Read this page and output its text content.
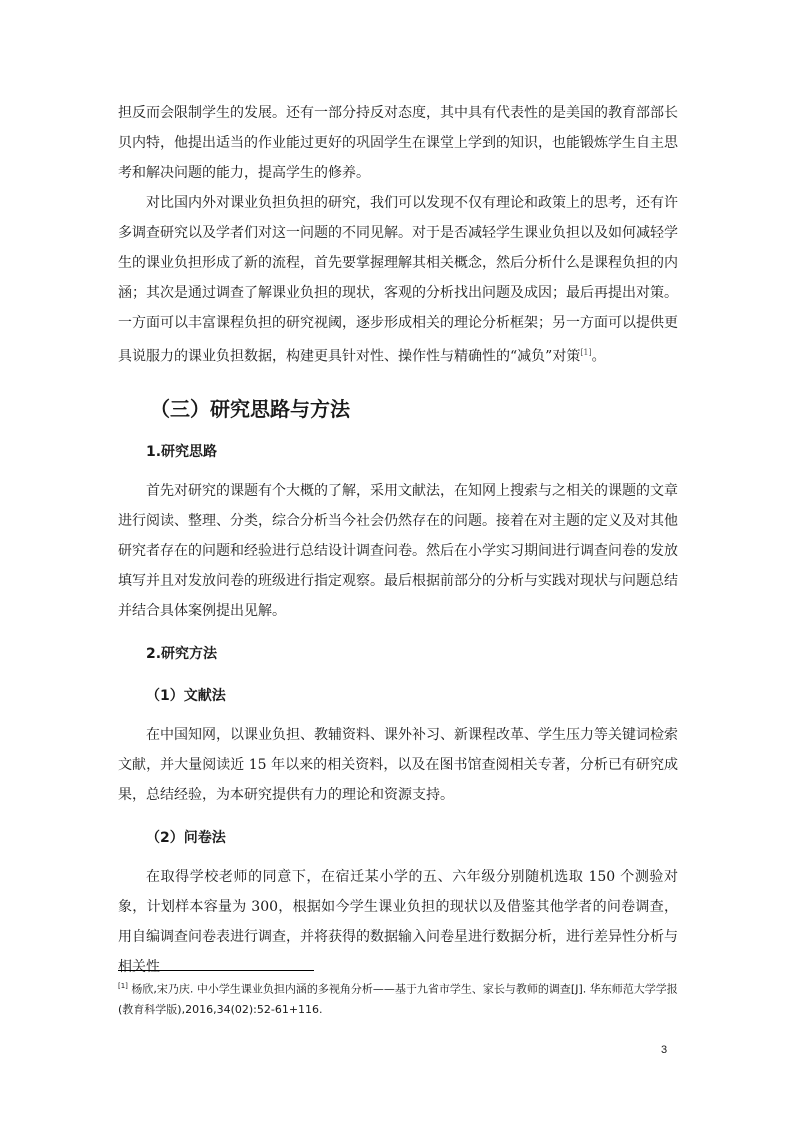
担反而会限制学生的发展。还有一部分持反对态度，其中具有代表性的是美国的教育部部长贝内特，他提出适当的作业能过更好的巩固学生在课堂上学到的知识，也能锻炼学生自主思考和解决问题的能力，提高学生的修养。

对比国内外对课业负担负担的研究，我们可以发现不仅有理论和政策上的思考，还有许多调查研究以及学者们对这一问题的不同见解。对于是否减轻学生课业负担以及如何减轻学生的课业负担形成了新的流程，首先要掌握理解其相关概念，然后分析什么是课程负担的内涵；其次是通过调查了解课业负担的现状，客观的分析找出问题及成因；最后再提出对策。一方面可以丰富课程负担的研究视阈，逐步形成相关的理论分析框架；另一方面可以提供更具说服力的课业负担数据，构建更具针对性、操作性与精确性的“减负”对策[1]。

（三）研究思路与方法
1.研究思路

首先对研究的课题有个大概的了解，采用文献法，在知网上搜索与之相关的课题的文章进行阅读、整理、分类，综合分析当今社会仍然存在的问题。接着在对主题的定义及对其他研究者存在的问题和经验进行总结设计调查问卷。然后在小学实习期间进行调查问卷的发放填写并且对发放问卷的班级进行指定观察。最后根据前部分的分析与实践对现状与问题总结并结合具体案例提出见解。

2.研究方法
（1）文献法

在中国知网，以课业负担、教辅资料、课外补习、新课程改革、学生压力等关键词检索文献，并大量阅读近 15 年以来的相关资料，以及在图书馆查阅相关专著，分析已有研究成果，总结经验，为本研究提供有力的理论和资源支持。

（2）问卷法

在取得学校老师的同意下，在宿迁某小学的五、六年级分别随机选取 150 个测验对象，计划样本容量为 300，根据如今学生课业负担的现状以及借鉴其他学者的问卷调查，用自编调查问卷表进行调查，并将获得的数据输入问卷星进行数据分析，进行差异性分析与相关性

[1] 杨欣,宋乃庆. 中小学生课业负担内涵的多视角分析——基于九省市学生、家长与教师的调查[J]. 华东师范大学学报(教育科学版),2016,34(02):52-61+116.
3
